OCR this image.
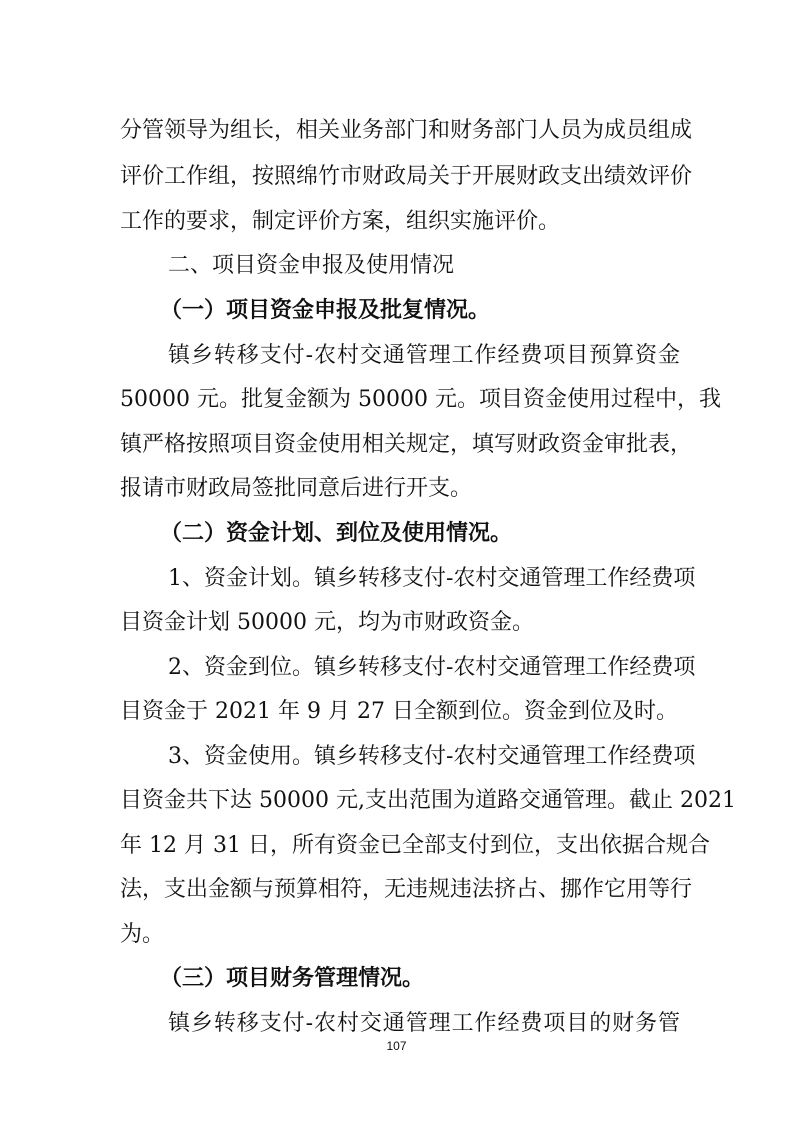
分管领导为组长，相关业务部门和财务部门人员为成员组成
评价工作组，按照绵竹市财政局关于开展财政支出绩效评价
工作的要求，制定评价方案，组织实施评价。
二、项目资金申报及使用情况
（一）项目资金申报及批复情况。
镇乡转移支付-农村交通管理工作经费项目预算资金
50000 元。批复金额为 50000 元。项目资金使用过程中，我
镇严格按照项目资金使用相关规定，填写财政资金审批表，
报请市财政局签批同意后进行开支。
（二）资金计划、到位及使用情况。
1、资金计划。镇乡转移支付-农村交通管理工作经费项
目资金计划 50000 元，均为市财政资金。
2、资金到位。镇乡转移支付-农村交通管理工作经费项
目资金于 2021 年 9 月 27 日全额到位。资金到位及时。
3、资金使用。镇乡转移支付-农村交通管理工作经费项
目资金共下达 50000 元,支出范围为道路交通管理。截止 2021
年 12 月 31 日，所有资金已全部支付到位，支出依据合规合
法，支出金额与预算相符，无违规违法挤占、挪作它用等行
为。
（三）项目财务管理情况。
镇乡转移支付-农村交通管理工作经费项目的财务管
107
